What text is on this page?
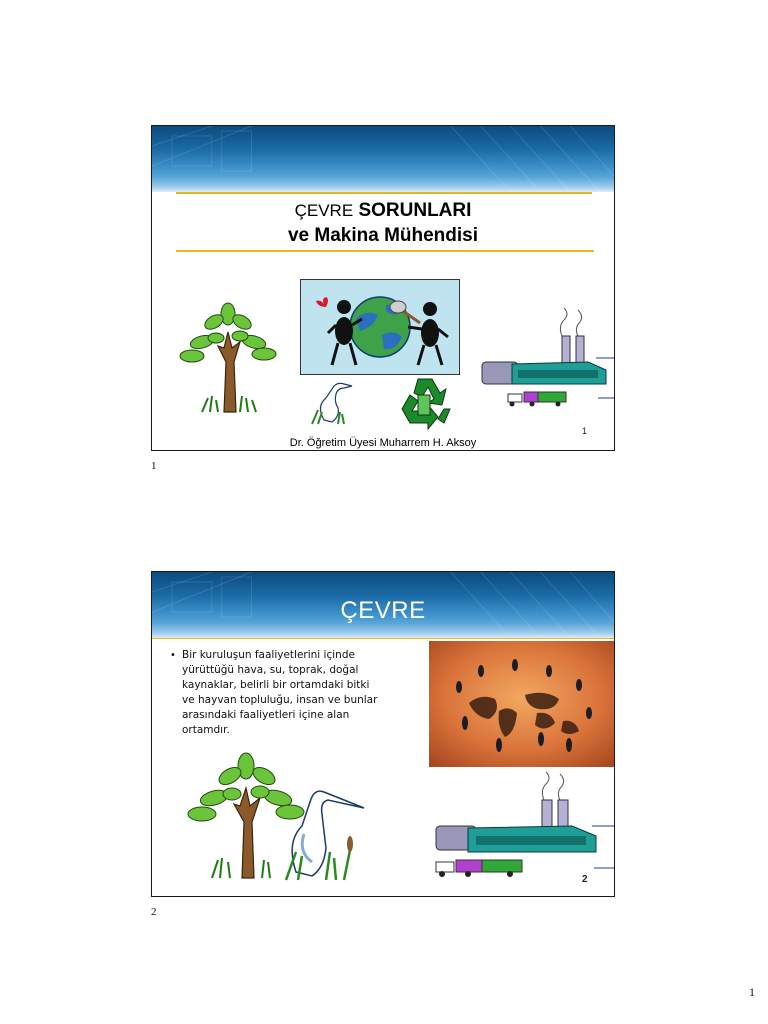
ÇEVRE SORUNLARI
ve Makina Mühendisi
1
Dr. Öğretim Üyesi Muharrem H. Aksoy
1
ÇEVRE
• Bir kuruluşun faaliyetlerini içinde yürüttüğü hava, su, toprak, doğal kaynaklar, belirli bir ortamdaki bitki ve hayvan topluluğu, insan ve bunlar arasındaki faaliyetleri içine alan ortamdır.
2
2
1
